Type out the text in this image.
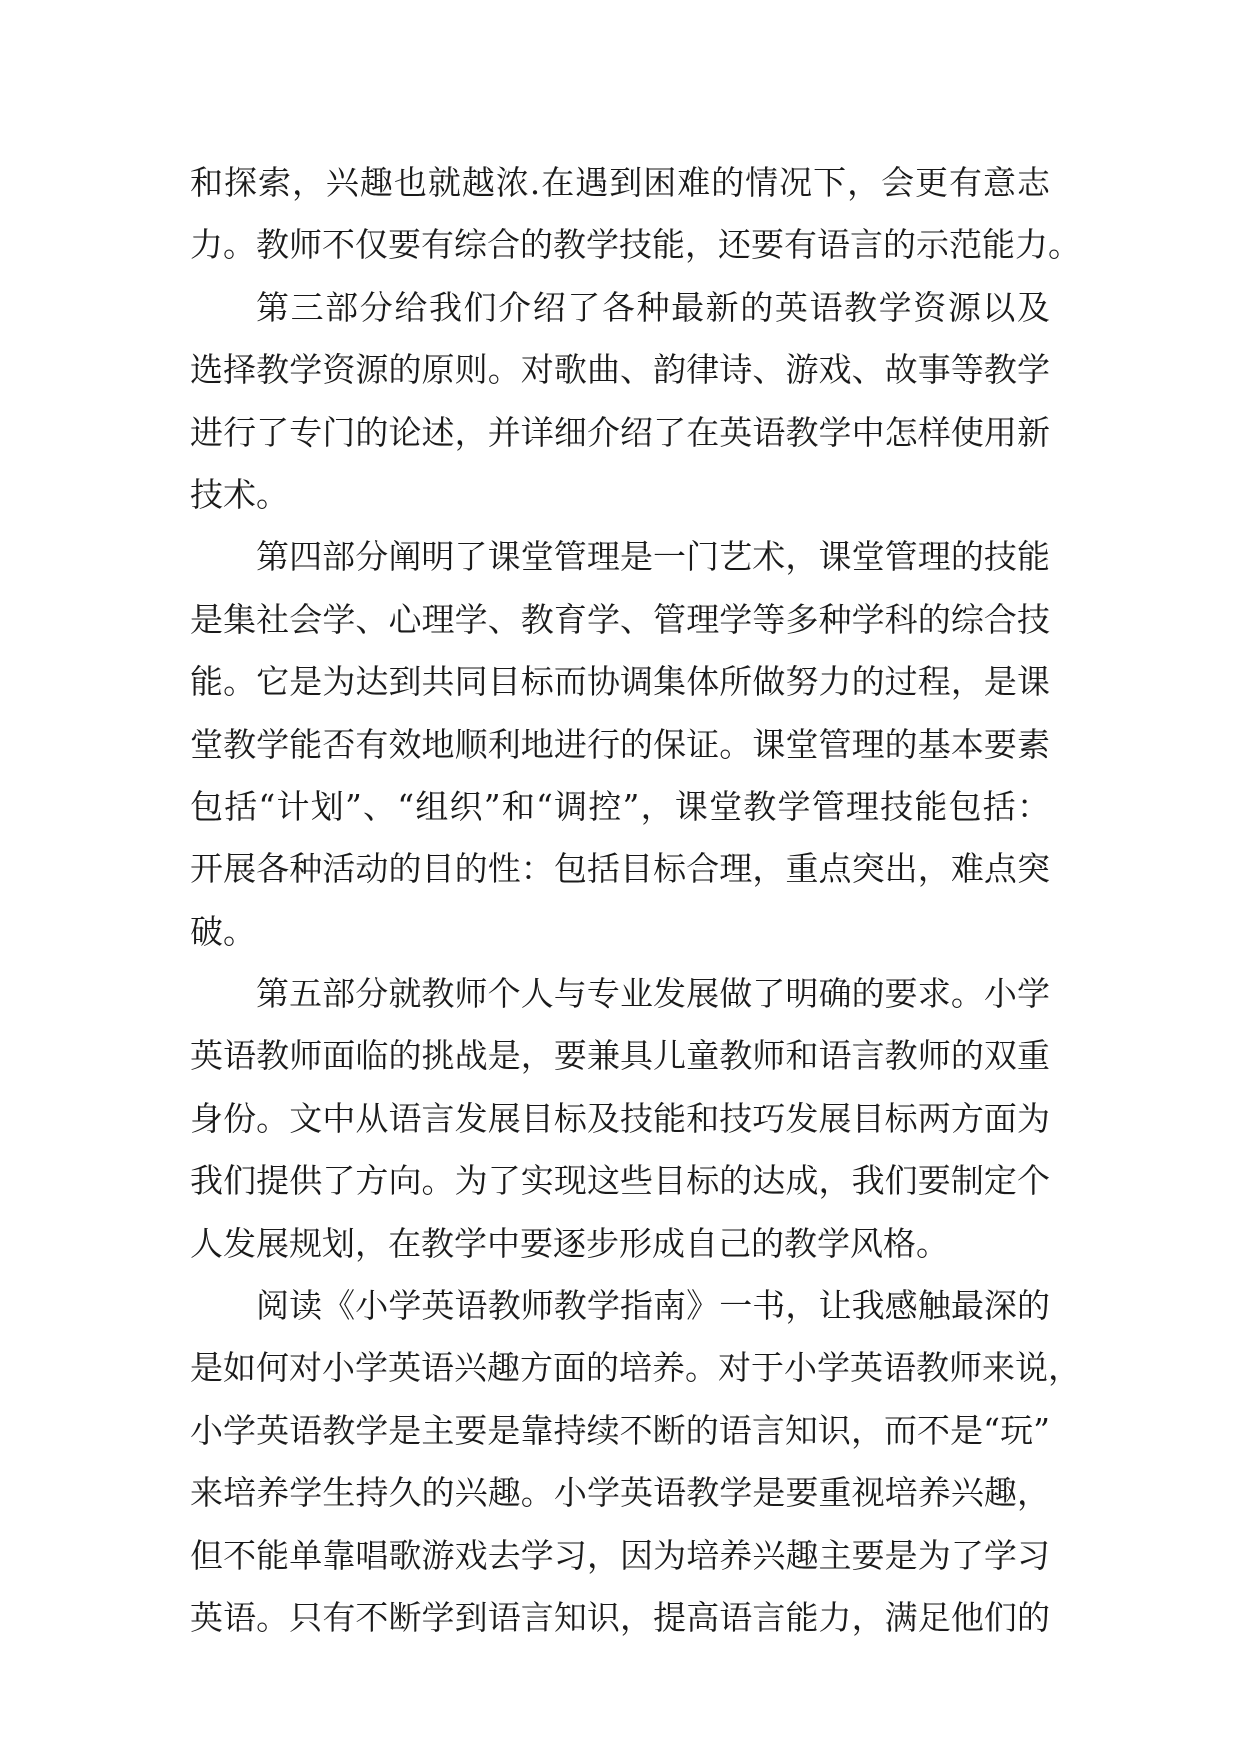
和探索，兴趣也就越浓.在遇到困难的情况下，会更有意志
力。教师不仅要有综合的教学技能，还要有语言的示范能力。
第三部分给我们介绍了各种最新的英语教学资源以及
选择教学资源的原则。对歌曲、韵律诗、游戏、故事等教学
进行了专门的论述，并详细介绍了在英语教学中怎样使用新
技术。
第四部分阐明了课堂管理是一门艺术，课堂管理的技能
是集社会学、心理学、教育学、管理学等多种学科的综合技
能。它是为达到共同目标而协调集体所做努力的过程，是课
堂教学能否有效地顺利地进行的保证。课堂管理的基本要素
包括“计划”、“组织”和“调控”，课堂教学管理技能包括：
开展各种活动的目的性：包括目标合理，重点突出，难点突
破。
第五部分就教师个人与专业发展做了明确的要求。小学
英语教师面临的挑战是，要兼具儿童教师和语言教师的双重
身份。文中从语言发展目标及技能和技巧发展目标两方面为
我们提供了方向。为了实现这些目标的达成，我们要制定个
人发展规划，在教学中要逐步形成自己的教学风格。
阅读《小学英语教师教学指南》一书，让我感触最深的
是如何对小学英语兴趣方面的培养。对于小学英语教师来说，
小学英语教学是主要是靠持续不断的语言知识，而不是“玩”
来培养学生持久的兴趣。小学英语教学是要重视培养兴趣，
但不能单靠唱歌游戏去学习，因为培养兴趣主要是为了学习
英语。只有不断学到语言知识，提高语言能力，满足他们的
